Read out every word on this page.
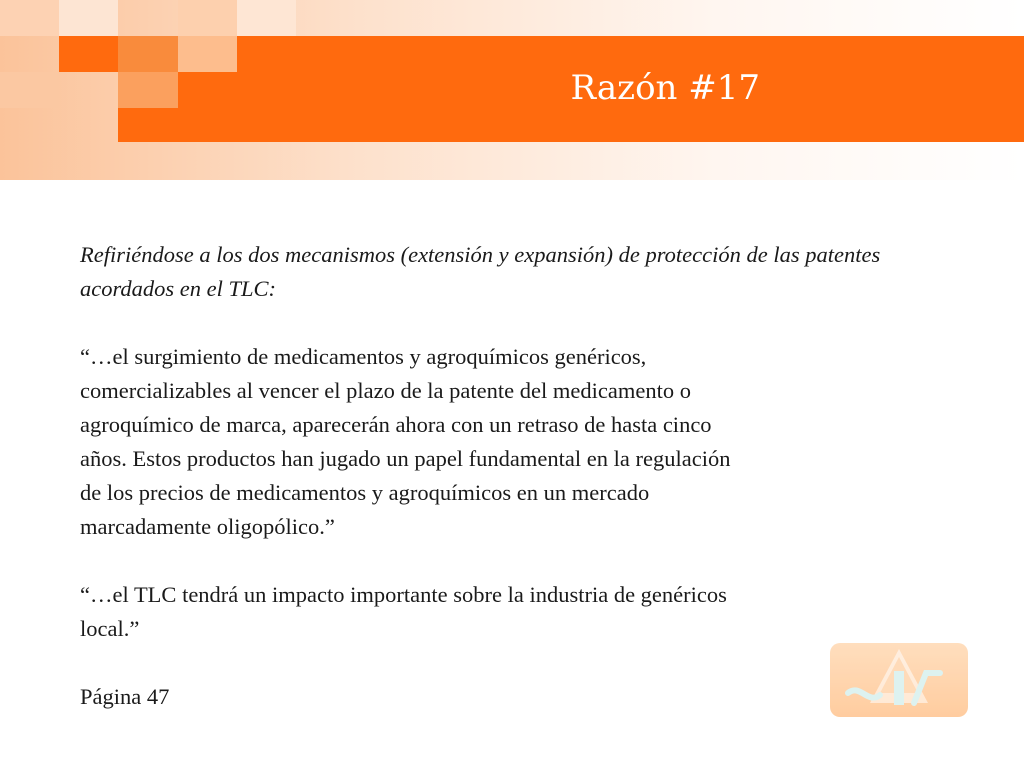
Razón #17

Refiriéndose a los dos mecanismos (extensión y expansión) de protección de las patentes acordados en el TLC:

“…el surgimiento de medicamentos y agroquímicos genéricos,

comercializables al vencer el plazo de la patente del medicamento o

agroquímico de marca, aparecerán ahora con un retraso de hasta cinco

años. Estos productos han jugado un papel fundamental en la regulación

de los precios de medicamentos y agroquímicos en un mercado

marcadamente oligopólico.”

“…el TLC tendrá un impacto importante sobre la industria de genéricos

local.”

Página 47
